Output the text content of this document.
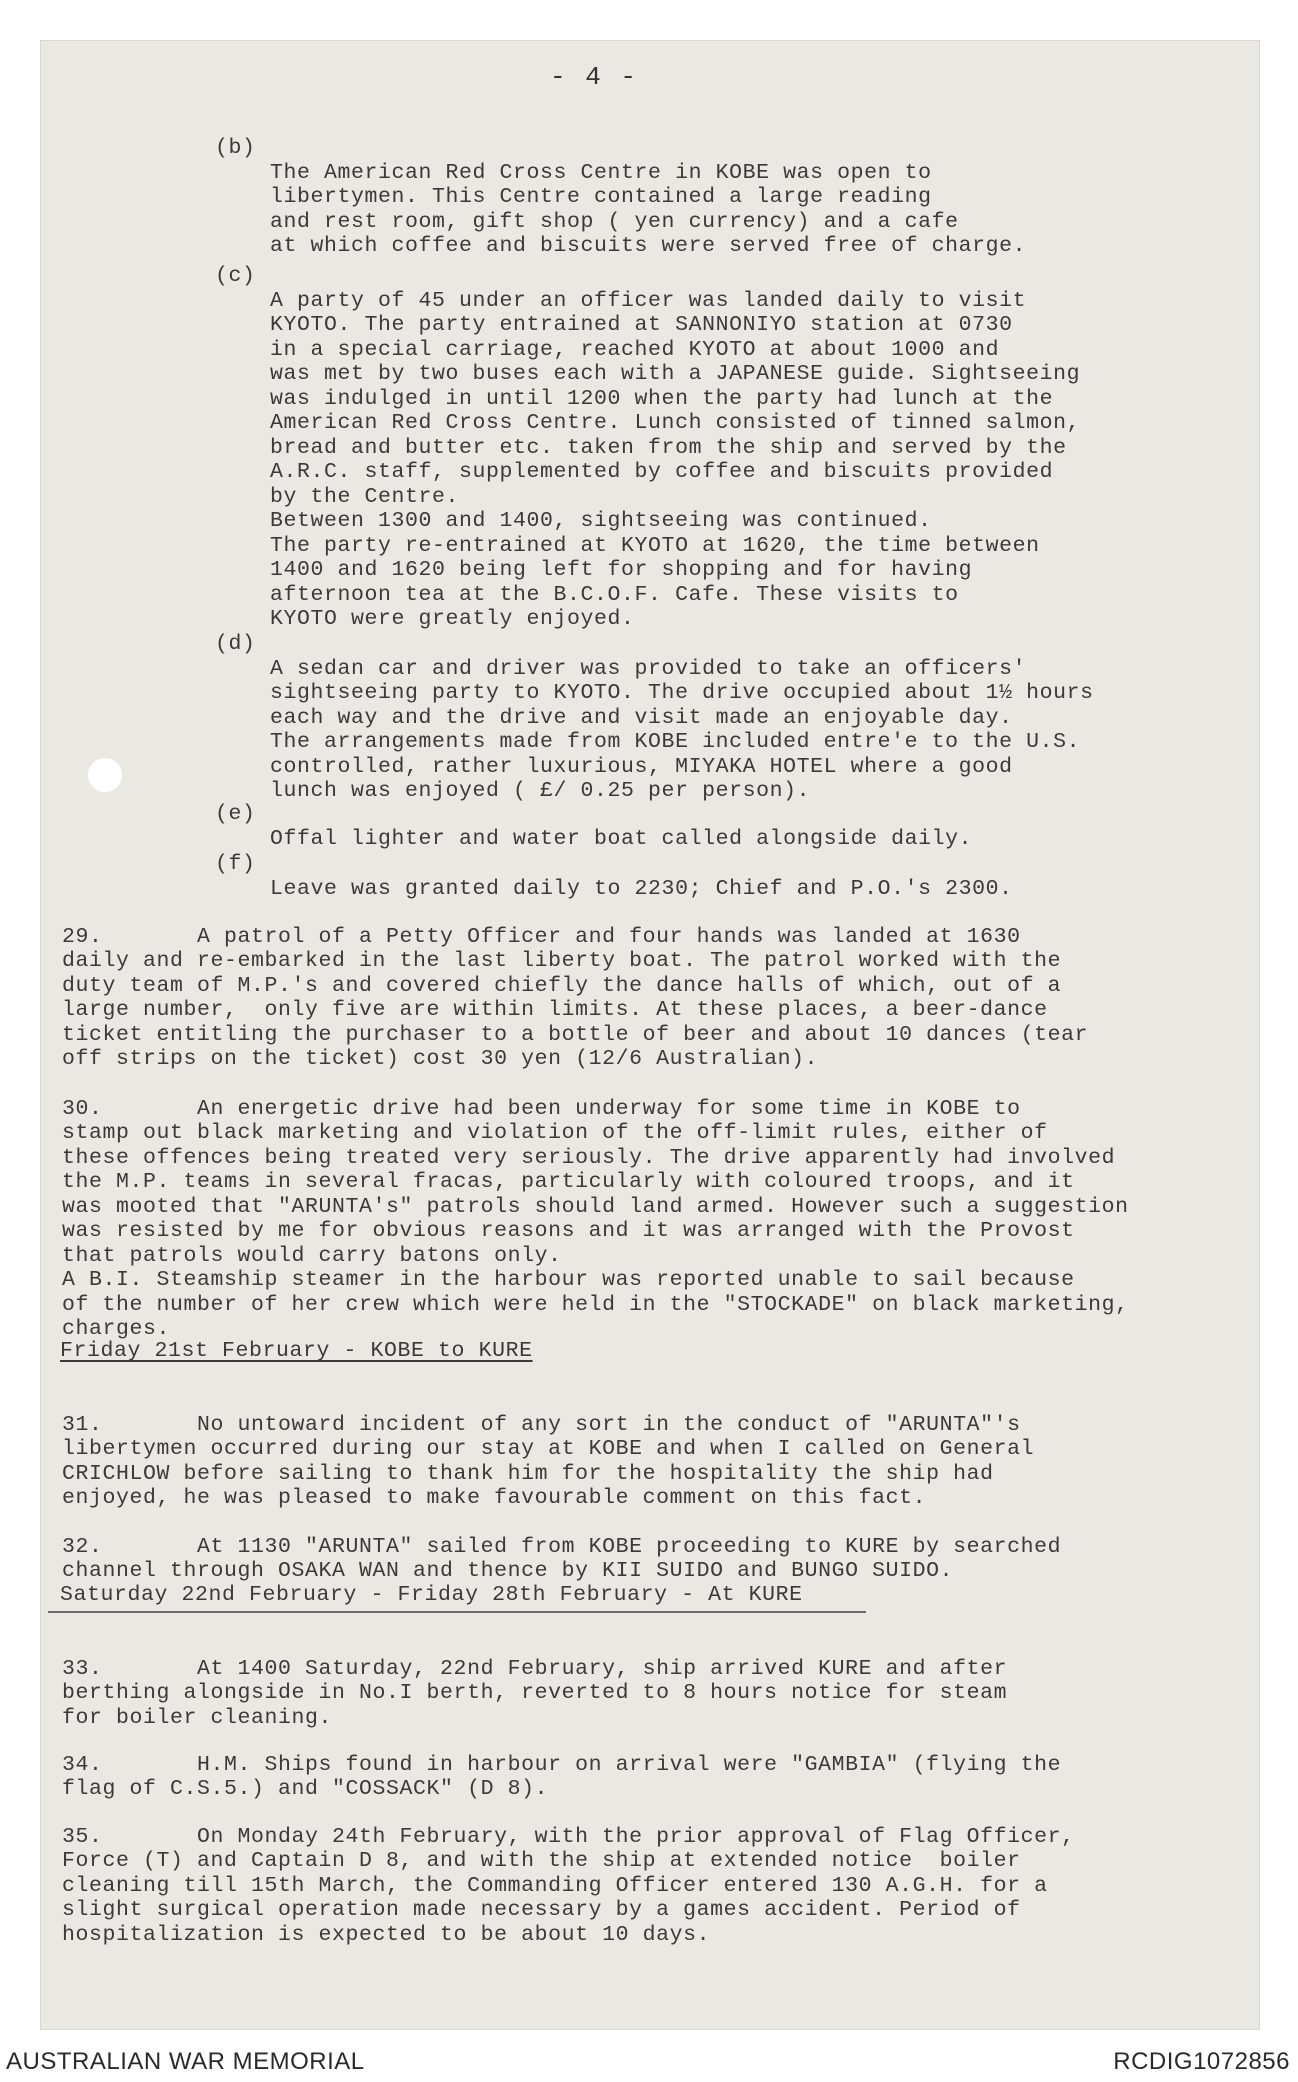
- 4 -
(b)

The American Red Cross Centre in KOBE was open to
libertymen. This Centre contained a large reading
and rest room, gift shop ( yen currency) and a cafe
at which coffee and biscuits were served free of charge.
(c)

A party of 45 under an officer was landed daily to visit
KYOTO. The party entrained at SANNONIYO station at 0730
in a special carriage, reached KYOTO at about 1000 and
was met by two buses each with a JAPANESE guide. Sightseeing
was indulged in until 1200 when the party had lunch at the
American Red Cross Centre. Lunch consisted of tinned salmon,
bread and butter etc. taken from the ship and served by the
A.R.C. staff, supplemented by coffee and biscuits provided
by the Centre.
Between 1300 and 1400, sightseeing was continued.
The party re-entrained at KYOTO at 1620, the time between
1400 and 1620 being left for shopping and for having
afternoon tea at the B.C.O.F. Cafe. These visits to
KYOTO were greatly enjoyed.
(d)

A sedan car and driver was provided to take an officers'
sightseeing party to KYOTO. The drive occupied about 1½ hours
each way and the drive and visit made an enjoyable day.
The arrangements made from KOBE included entre'e to the U.S.
controlled, rather luxurious, MIYAKA HOTEL where a good
lunch was enjoyed ( £/ 0.25 per person).
(e)

Offal lighter and water boat called alongside daily.
(f)

Leave was granted daily to 2230; Chief and P.O.'s 2300.

29.       A patrol of a Petty Officer and four hands was landed at 1630
daily and re-embarked in the last liberty boat. The patrol worked with the
duty team of M.P.'s and covered chiefly the dance halls of which, out of a
large number,  only five are within limits. At these places, a beer-dance
ticket entitling the purchaser to a bottle of beer and about 10 dances (tear
off strips on the ticket) cost 30 yen (12/6 Australian).

30.       An energetic drive had been underway for some time in KOBE to
stamp out black marketing and violation of the off-limit rules, either of
these offences being treated very seriously. The drive apparently had involved
the M.P. teams in several fracas, particularly with coloured troops, and it
was mooted that "ARUNTA's" patrols should land armed. However such a suggestion
was resisted by me for obvious reasons and it was arranged with the Provost
that patrols would carry batons only.
A B.I. Steamship steamer in the harbour was reported unable to sail because
of the number of her crew which were held in the "STOCKADE" on black marketing,
charges.
Friday 21st February - KOBE to KURE

31.       No untoward incident of any sort in the conduct of "ARUNTA"'s
libertymen occurred during our stay at KOBE and when I called on General
CRICHLOW before sailing to thank him for the hospitality the ship had
enjoyed, he was pleased to make favourable comment on this fact.

32.       At 1130 "ARUNTA" sailed from KOBE proceeding to KURE by searched
channel through OSAKA WAN and thence by KII SUIDO and BUNGO SUIDO.
Saturday 22nd February - Friday 28th February - At KURE

33.       At 1400 Saturday, 22nd February, ship arrived KURE and after
berthing alongside in No.I berth, reverted to 8 hours notice for steam
for boiler cleaning.

34.       H.M. Ships found in harbour on arrival were "GAMBIA" (flying the
flag of C.S.5.) and "COSSACK" (D 8).

35.       On Monday 24th February, with the prior approval of Flag Officer,
Force (T) and Captain D 8, and with the ship at extended notice  boiler
cleaning till 15th March, the Commanding Officer entered 130 A.G.H. for a
slight surgical operation made necessary by a games accident. Period of
hospitalization is expected to be about 10 days.
AUSTRALIAN WAR MEMORIAL	RCDIG1072856
